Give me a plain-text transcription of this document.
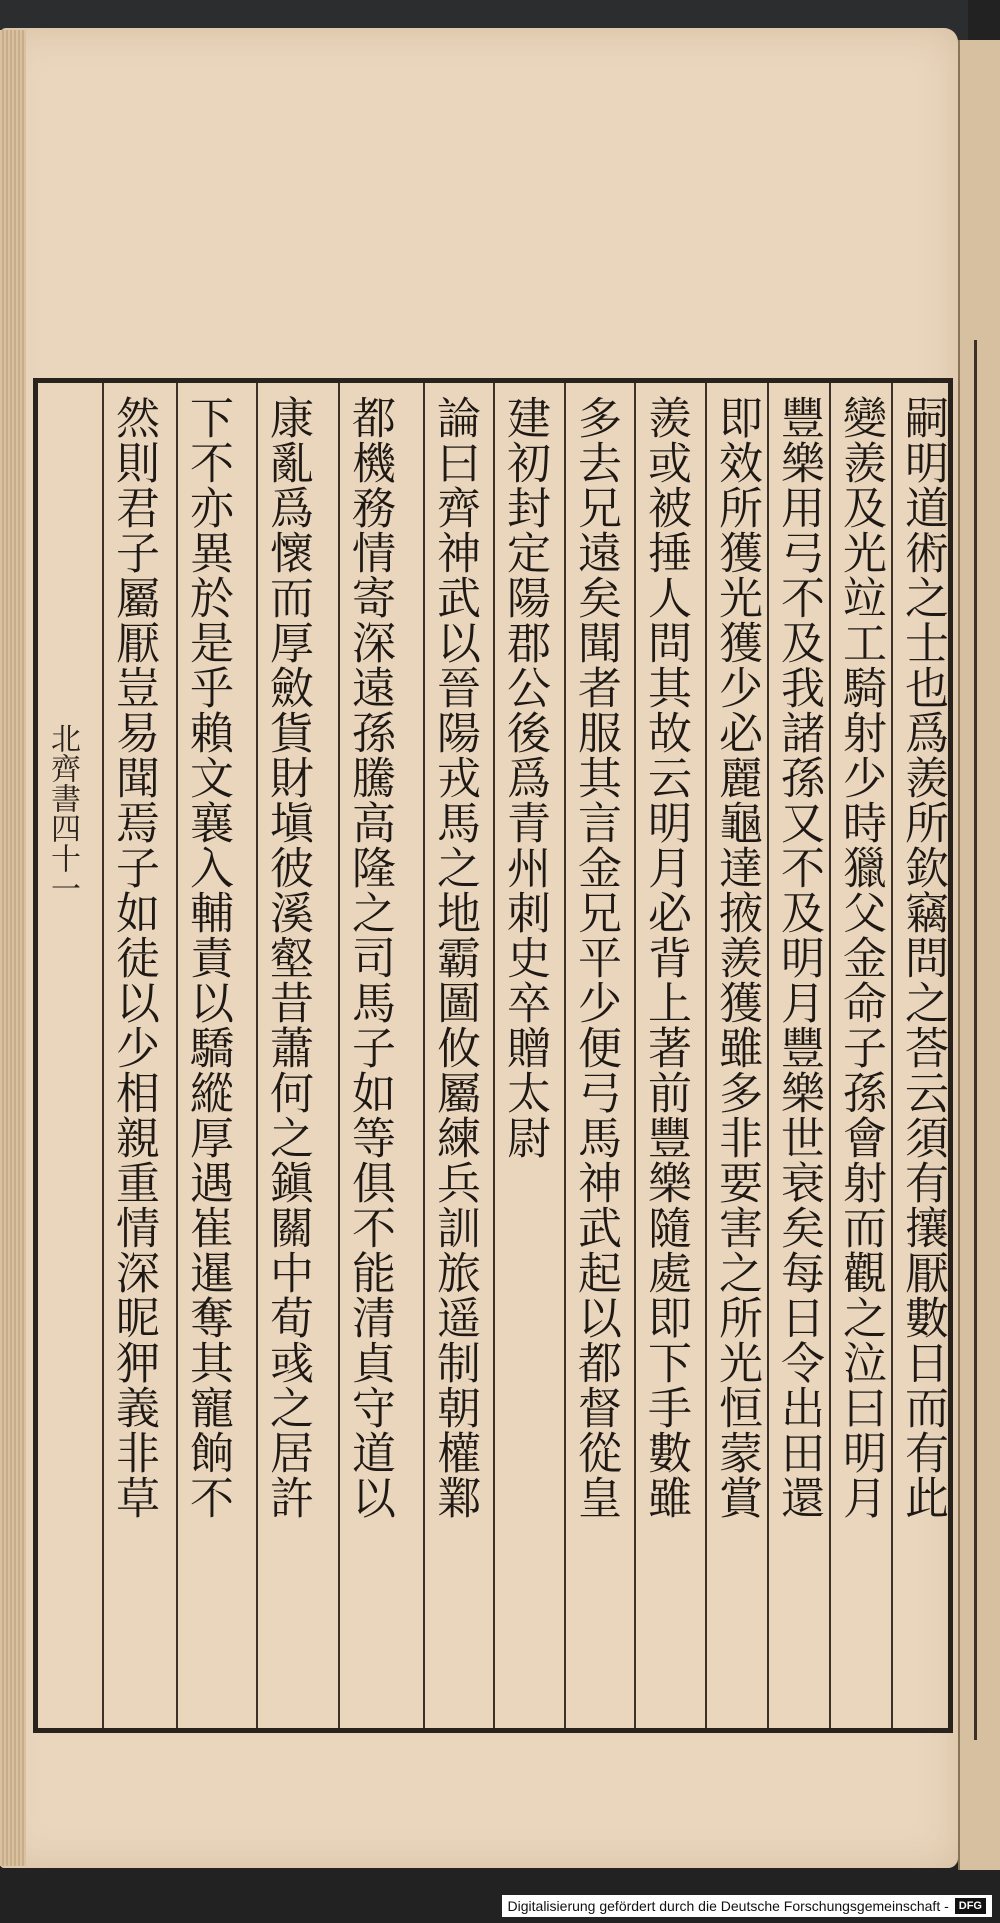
嗣明道術之士也爲羨所欽竊問之荅云須有攘厭數日而有此
變羨及光竝工騎射少時獵父金命子孫會射而觀之泣曰明月
豐樂用弓不及我諸孫又不及明月豐樂世衰矣每日令出田還
即效所獲光獲少必麗龜達掖羨獲雖多非要害之所光恒蒙賞
羨或被捶人問其故云明月必背上著前豐樂隨處即下手數雖
多去兄遠矣聞者服其言金兄平少便弓馬神武起以都督從皇
建初封定陽郡公後爲青州刺史卒贈太尉
論曰齊神武以晉陽戎馬之地霸圖攸屬練兵訓旅遥制朝權鄴
都機務情寄深遠孫騰高隆之司馬子如等俱不能清貞守道以
康亂爲懷而厚斂貨財塡彼溪壑昔蕭何之鎭關中荀彧之居許
下不亦異於是乎賴文襄入輔責以驕縱厚遇崔暹奪其寵餉不
然則君子屬厭豈易聞焉子如徒以少相親重情深昵狎義非草
北齊書四十一
Digitalisierung gefördert durch die Deutsche Forschungsgemeinschaft - DFG
